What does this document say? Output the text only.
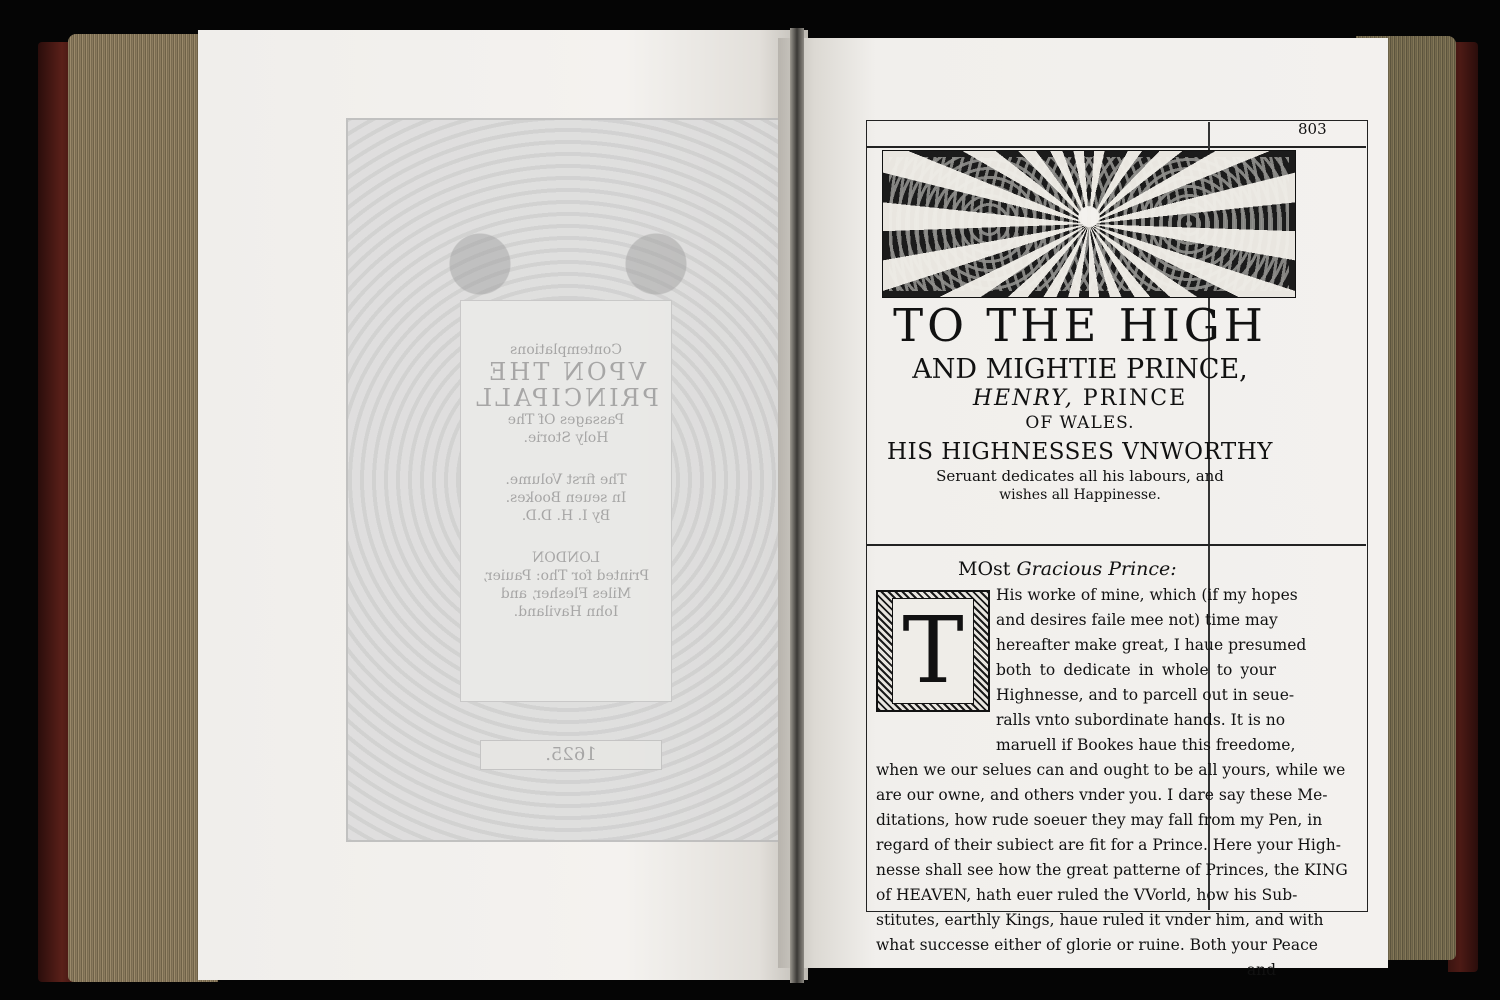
Contemplations
VPON THE
PRINCIPALL
Passages Of The
Holy Storie.
The first Volume.
In seuen Bookes.
By I. H. D.D.
LONDON
Printed for Tho: Pauier,
Miles Flesher, and
Iohn Haviland.
1625.
803
TO THE HIGH
AND MIGHTIE PRINCE,
HENRY, PRINCE
OF WALES.
HIS HIGHNESSES VNWORTHY
Seruant dedicates all his labours, and
wishes all Happinesse.
MOst Gracious Prince:
T
His worke of mine, which (if my hopes
and desires faile mee not) time may
hereafter make great, I haue presumed
both to dedicate in whole to your
Highnesse, and to parcell out in seue-
ralls vnto subordinate hands. It is no
maruell if Bookes haue this freedome,
when we our selues can and ought to be all yours, while we
are our owne, and others vnder you. I dare say these Me-
ditations, how rude soeuer they may fall from my Pen, in
regard of their subiect are fit for a Prince. Here your High-
nesse shall see how the great patterne of Princes, the KING
of HEAVEN, hath euer ruled the VVorld, how his Sub-
stitutes, earthly Kings, haue ruled it vnder him, and with
what successe either of glorie or ruine. Both your Peace
and
